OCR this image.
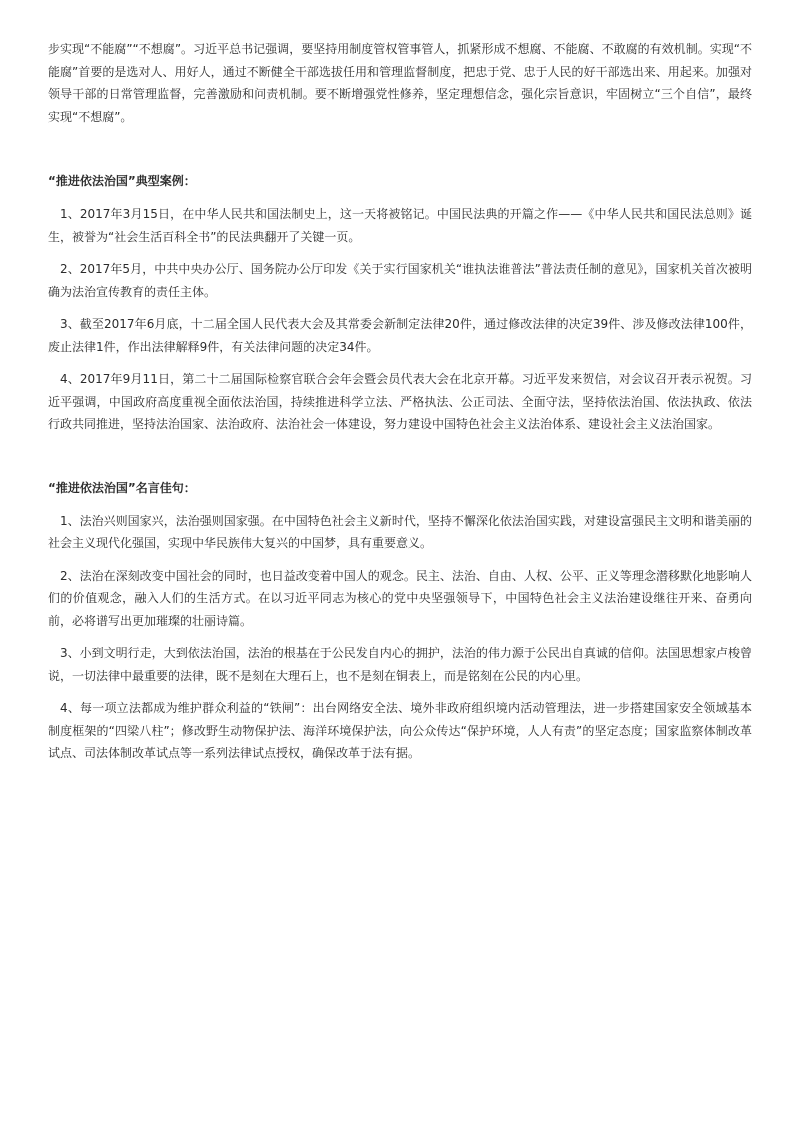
步实现“不能腐”“不想腐”。习近平总书记强调，要坚持用制度管权管事管人，抓紧形成不想腐、不能腐、不敢腐的有效机制。实现“不能腐”首要的是选对人、用好人，通过不断健全干部选拔任用和管理监督制度，把忠于党、忠于人民的好干部选出来、用起来。加强对领导干部的日常管理监督，完善激励和问责机制。要不断增强党性修养，坚定理想信念，强化宗旨意识，牢固树立“三个自信”，最终实现“不想腐”。

“推进依法治国”典型案例：

1、2017年3月15日，在中华人民共和国法制史上，这一天将被铭记。中国民法典的开篇之作——《中华人民共和国民法总则》诞生，被誉为“社会生活百科全书”的民法典翻开了关键一页。

2、2017年5月，中共中央办公厅、国务院办公厅印发《关于实行国家机关“谁执法谁普法”普法责任制的意见》，国家机关首次被明确为法治宣传教育的责任主体。

3、截至2017年6月底，十二届全国人民代表大会及其常委会新制定法律20件，通过修改法律的决定39件、涉及修改法律100件，废止法律1件，作出法律解释9件，有关法律问题的决定34件。

4、2017年9月11日，第二十二届国际检察官联合会年会暨会员代表大会在北京开幕。习近平发来贺信，对会议召开表示祝贺。习近平强调，中国政府高度重视全面依法治国，持续推进科学立法、严格执法、公正司法、全面守法，坚持依法治国、依法执政、依法行政共同推进，坚持法治国家、法治政府、法治社会一体建设，努力建设中国特色社会主义法治体系、建设社会主义法治国家。

“推进依法治国”名言佳句：

1、法治兴则国家兴，法治强则国家强。在中国特色社会主义新时代，坚持不懈深化依法治国实践，对建设富强民主文明和谐美丽的社会主义现代化强国，实现中华民族伟大复兴的中国梦，具有重要意义。

2、法治在深刻改变中国社会的同时，也日益改变着中国人的观念。民主、法治、自由、人权、公平、正义等理念潜移默化地影响人们的价值观念，融入人们的生活方式。在以习近平同志为核心的党中央坚强领导下，中国特色社会主义法治建设继往开来、奋勇向前，必将谱写出更加璀璨的壮丽诗篇。

3、小到文明行走，大到依法治国，法治的根基在于公民发自内心的拥护，法治的伟力源于公民出自真诚的信仰。法国思想家卢梭曾说，一切法律中最重要的法律，既不是刻在大理石上，也不是刻在铜表上，而是铭刻在公民的内心里。

4、每一项立法都成为维护群众利益的“铁闸”：出台网络安全法、境外非政府组织境内活动管理法，进一步搭建国家安全领域基本制度框架的“四梁八柱”；修改野生动物保护法、海洋环境保护法，向公众传达“保护环境，人人有责”的坚定态度；国家监察体制改革试点、司法体制改革试点等一系列法律试点授权，确保改革于法有据。
